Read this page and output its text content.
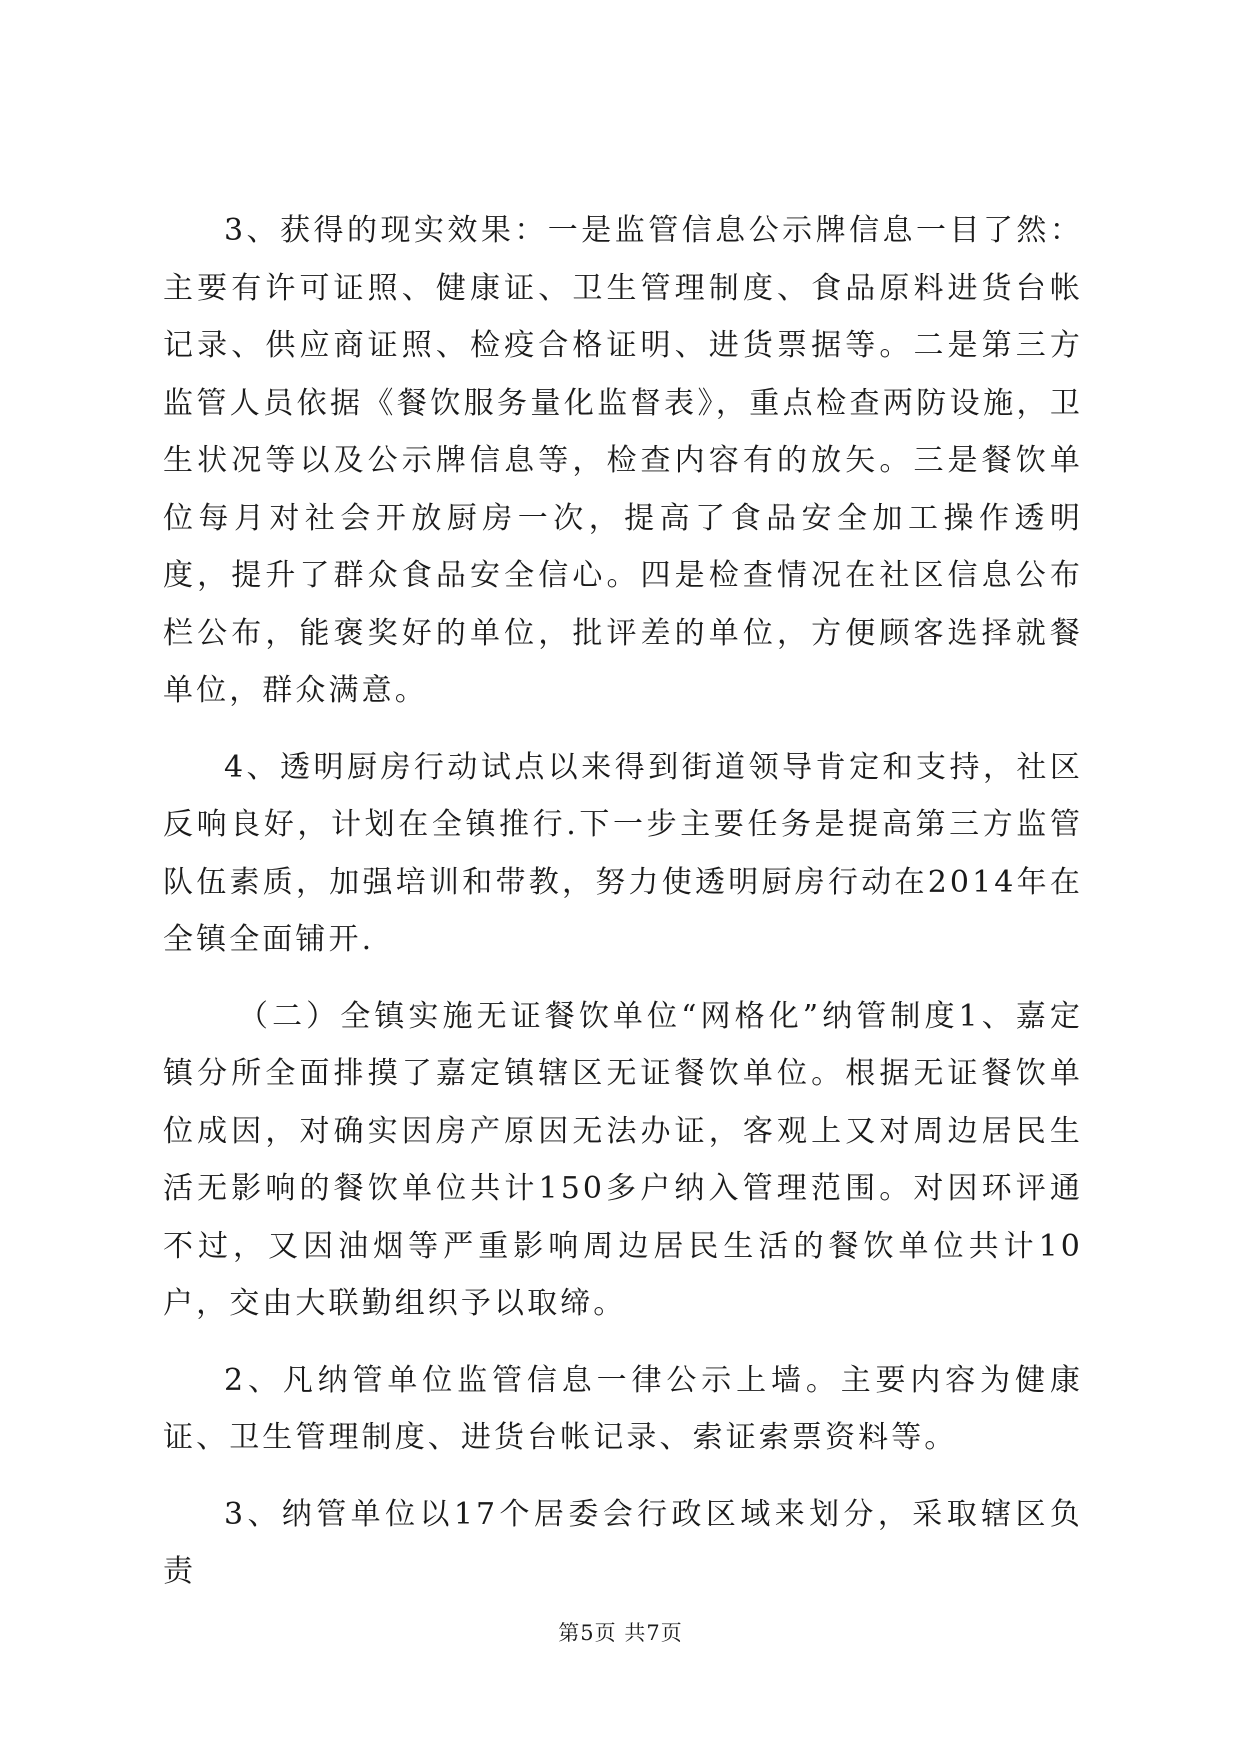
3、获得的现实效果：一是监管信息公示牌信息一目了然：主要有许可证照、健康证、卫生管理制度、食品原料进货台帐记录、供应商证照、检疫合格证明、进货票据等。二是第三方监管人员依据《餐饮服务量化监督表》，重点检查两防设施，卫生状况等以及公示牌信息等，检查内容有的放矢。三是餐饮单位每月对社会开放厨房一次，提高了食品安全加工操作透明度，提升了群众食品安全信心。四是检查情况在社区信息公布栏公布，能褒奖好的单位，批评差的单位，方便顾客选择就餐单位，群众满意。

4、透明厨房行动试点以来得到街道领导肯定和支持，社区反响良好，计划在全镇推行.下一步主要任务是提高第三方监管队伍素质，加强培训和带教，努力使透明厨房行动在2014年在全镇全面铺开.

（二）全镇实施无证餐饮单位“网格化”纳管制度1、嘉定镇分所全面排摸了嘉定镇辖区无证餐饮单位。根据无证餐饮单位成因，对确实因房产原因无法办证，客观上又对周边居民生活无影响的餐饮单位共计150多户纳入管理范围。对因环评通不过，又因油烟等严重影响周边居民生活的餐饮单位共计10户，交由大联勤组织予以取缔。

2、凡纳管单位监管信息一律公示上墙。主要内容为健康证、卫生管理制度、进货台帐记录、索证索票资料等。

3、纳管单位以17个居委会行政区域来划分，采取辖区负责

第5页 共7页
